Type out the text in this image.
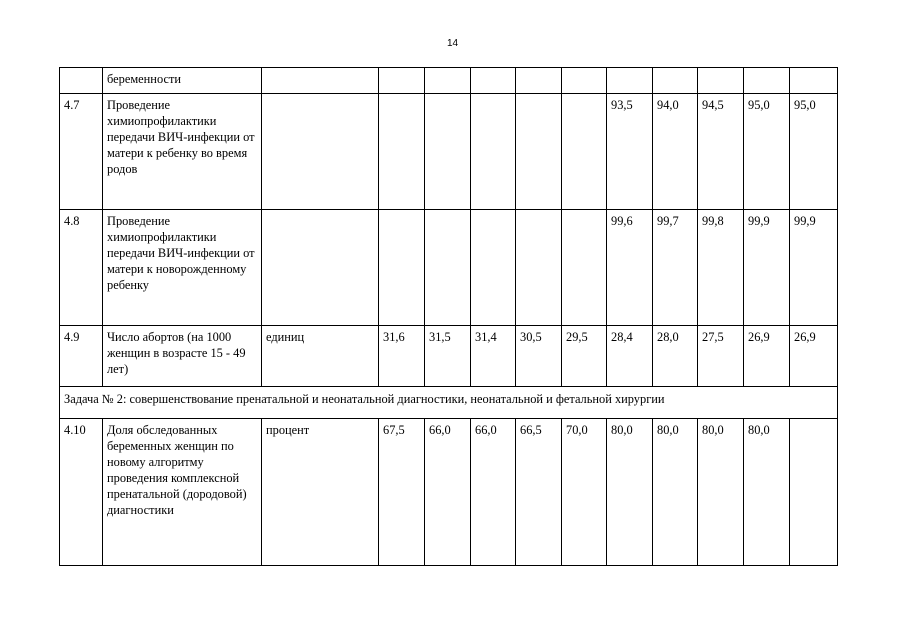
14
	беременности											
4.7	Проведение химиопрофилактики передачи ВИЧ-инфекции от матери к ребенку во время родов							93,5	94,0	94,5	95,0	95,0
4.8	Проведение химиопрофилактики передачи ВИЧ-инфекции от матери к новорожденному ребенку							99,6	99,7	99,8	99,9	99,9
4.9	Число абортов (на 1000 женщин в возрасте 15 - 49 лет)	единиц	31,6	31,5	31,4	30,5	29,5	28,4	28,0	27,5	26,9	26,9
Задача № 2: совершенствование пренатальной и неонатальной диагностики, неонатальной и фетальной хирургии												
4.10	Доля обследованных беременных женщин по новому алгоритму проведения комплексной пренатальной (дородовой) диагностики	процент	67,5	66,0	66,0	66,5	70,0	80,0	80,0	80,0	80,0	
